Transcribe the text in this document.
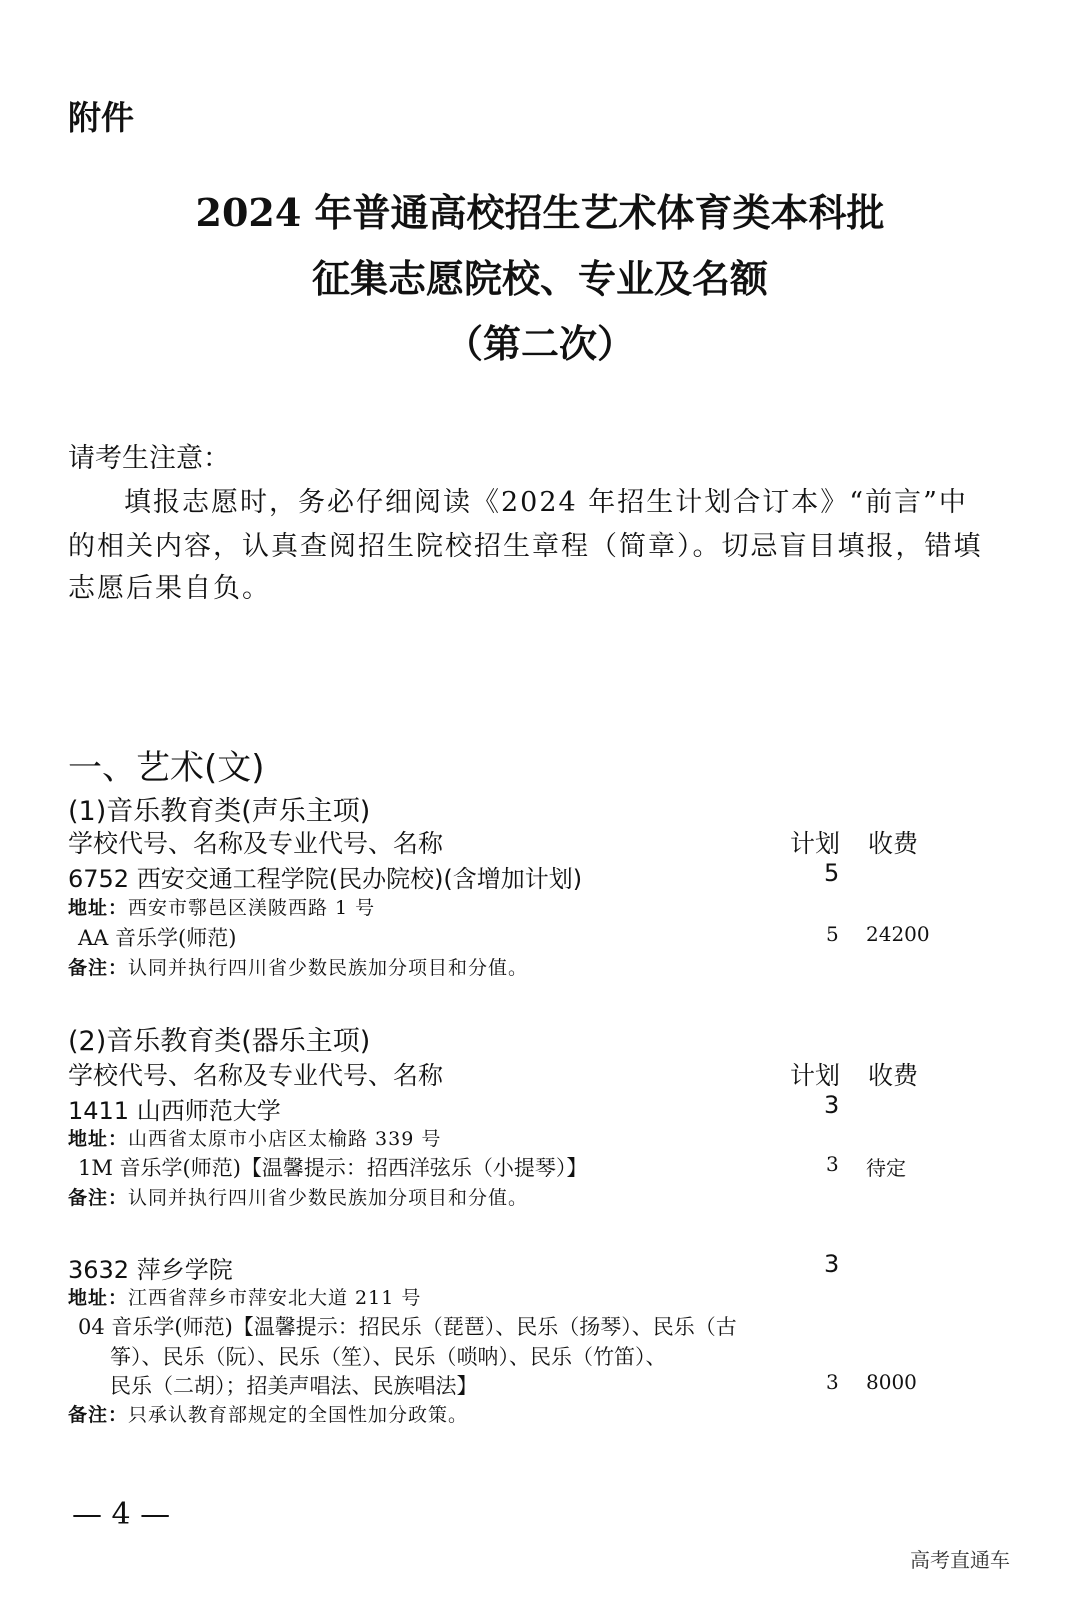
附件
2024 年普通高校招生艺术体育类本科批
征集志愿院校、专业及名额
（第二次）
请考生注意：
填报志愿时，务必仔细阅读《2024 年招生计划合订本》“前言”中
的相关内容，认真查阅招生院校招生章程（简章）。切忌盲目填报，错填
志愿后果自负。
一、艺术(文)
(1)音乐教育类(声乐主项)
学校代号、名称及专业代号、名称	计划 收费
6752 西安交通工程学院(民办院校)(含增加计划)	5
地址：西安市鄠邑区渼陂西路 1 号
AA 音乐学(师范)	5 24200
备注：认同并执行四川省少数民族加分项目和分值。
(2)音乐教育类(器乐主项)
学校代号、名称及专业代号、名称	计划 收费
1411 山西师范大学	3
地址：山西省太原市小店区太榆路 339 号
1M 音乐学(师范)【温馨提示：招西洋弦乐（小提琴）】	3 待定
备注：认同并执行四川省少数民族加分项目和分值。
3632 萍乡学院	3
地址：江西省萍乡市萍安北大道 211 号
04 音乐学(师范)【温馨提示：招民乐（琵琶）、民乐（扬琴）、民乐（古
筝）、民乐（阮）、民乐（笙）、民乐（唢呐）、民乐（竹笛）、
民乐（二胡）；招美声唱法、民族唱法】	3 8000
备注：只承认教育部规定的全国性加分政策。
— 4 —
高考直通车
